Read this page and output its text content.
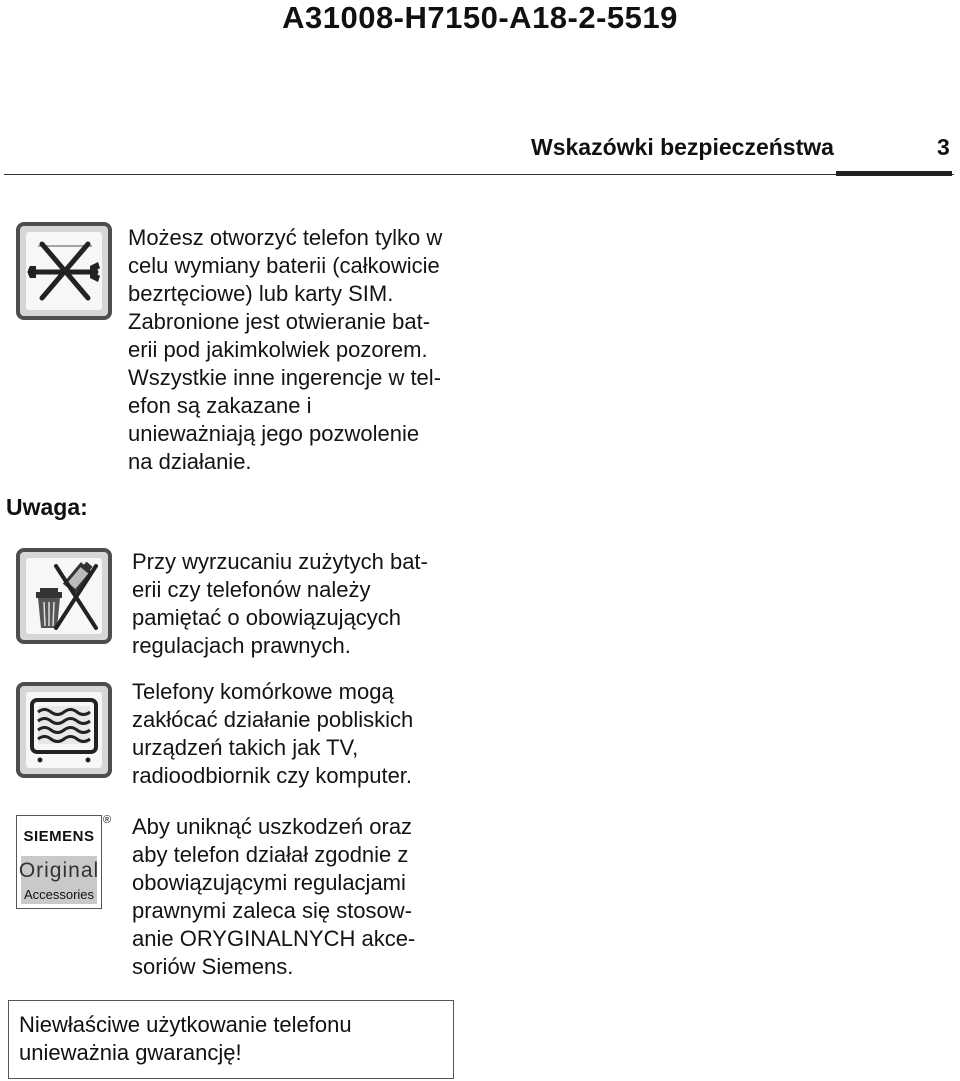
A31008-H7150-A18-2-5519
Wskazówki bezpieczeństwa	3
Uwaga:
SIEMENS
Original
Accessories
®

Możesz otworzyć telefon tylko w
celu wymiany baterii (całkowicie
bezrtęciowe) lub karty SIM.
Zabronione jest otwieranie bat-
erii pod jakimkolwiek pozorem.
Wszystkie inne ingerencje w tel-
efon są zakazane i
unieważniają jego pozwolenie
na działanie.

Przy wyrzucaniu zużytych bat-
erii czy telefonów należy
pamiętać o obowiązujących
regulacjach prawnych.

Telefony komórkowe mogą
zakłócać działanie pobliskich
urządzeń takich jak TV,
radioodbiornik czy komputer.

Aby uniknąć uszkodzeń oraz
aby telefon działał zgodnie z
obowiązującymi regulacjami
prawnymi zaleca się stosow-
anie ORYGINALNYCH akce-
soriów Siemens.

Niewłaściwe użytkowanie telefonu
unieważnia gwarancję!
